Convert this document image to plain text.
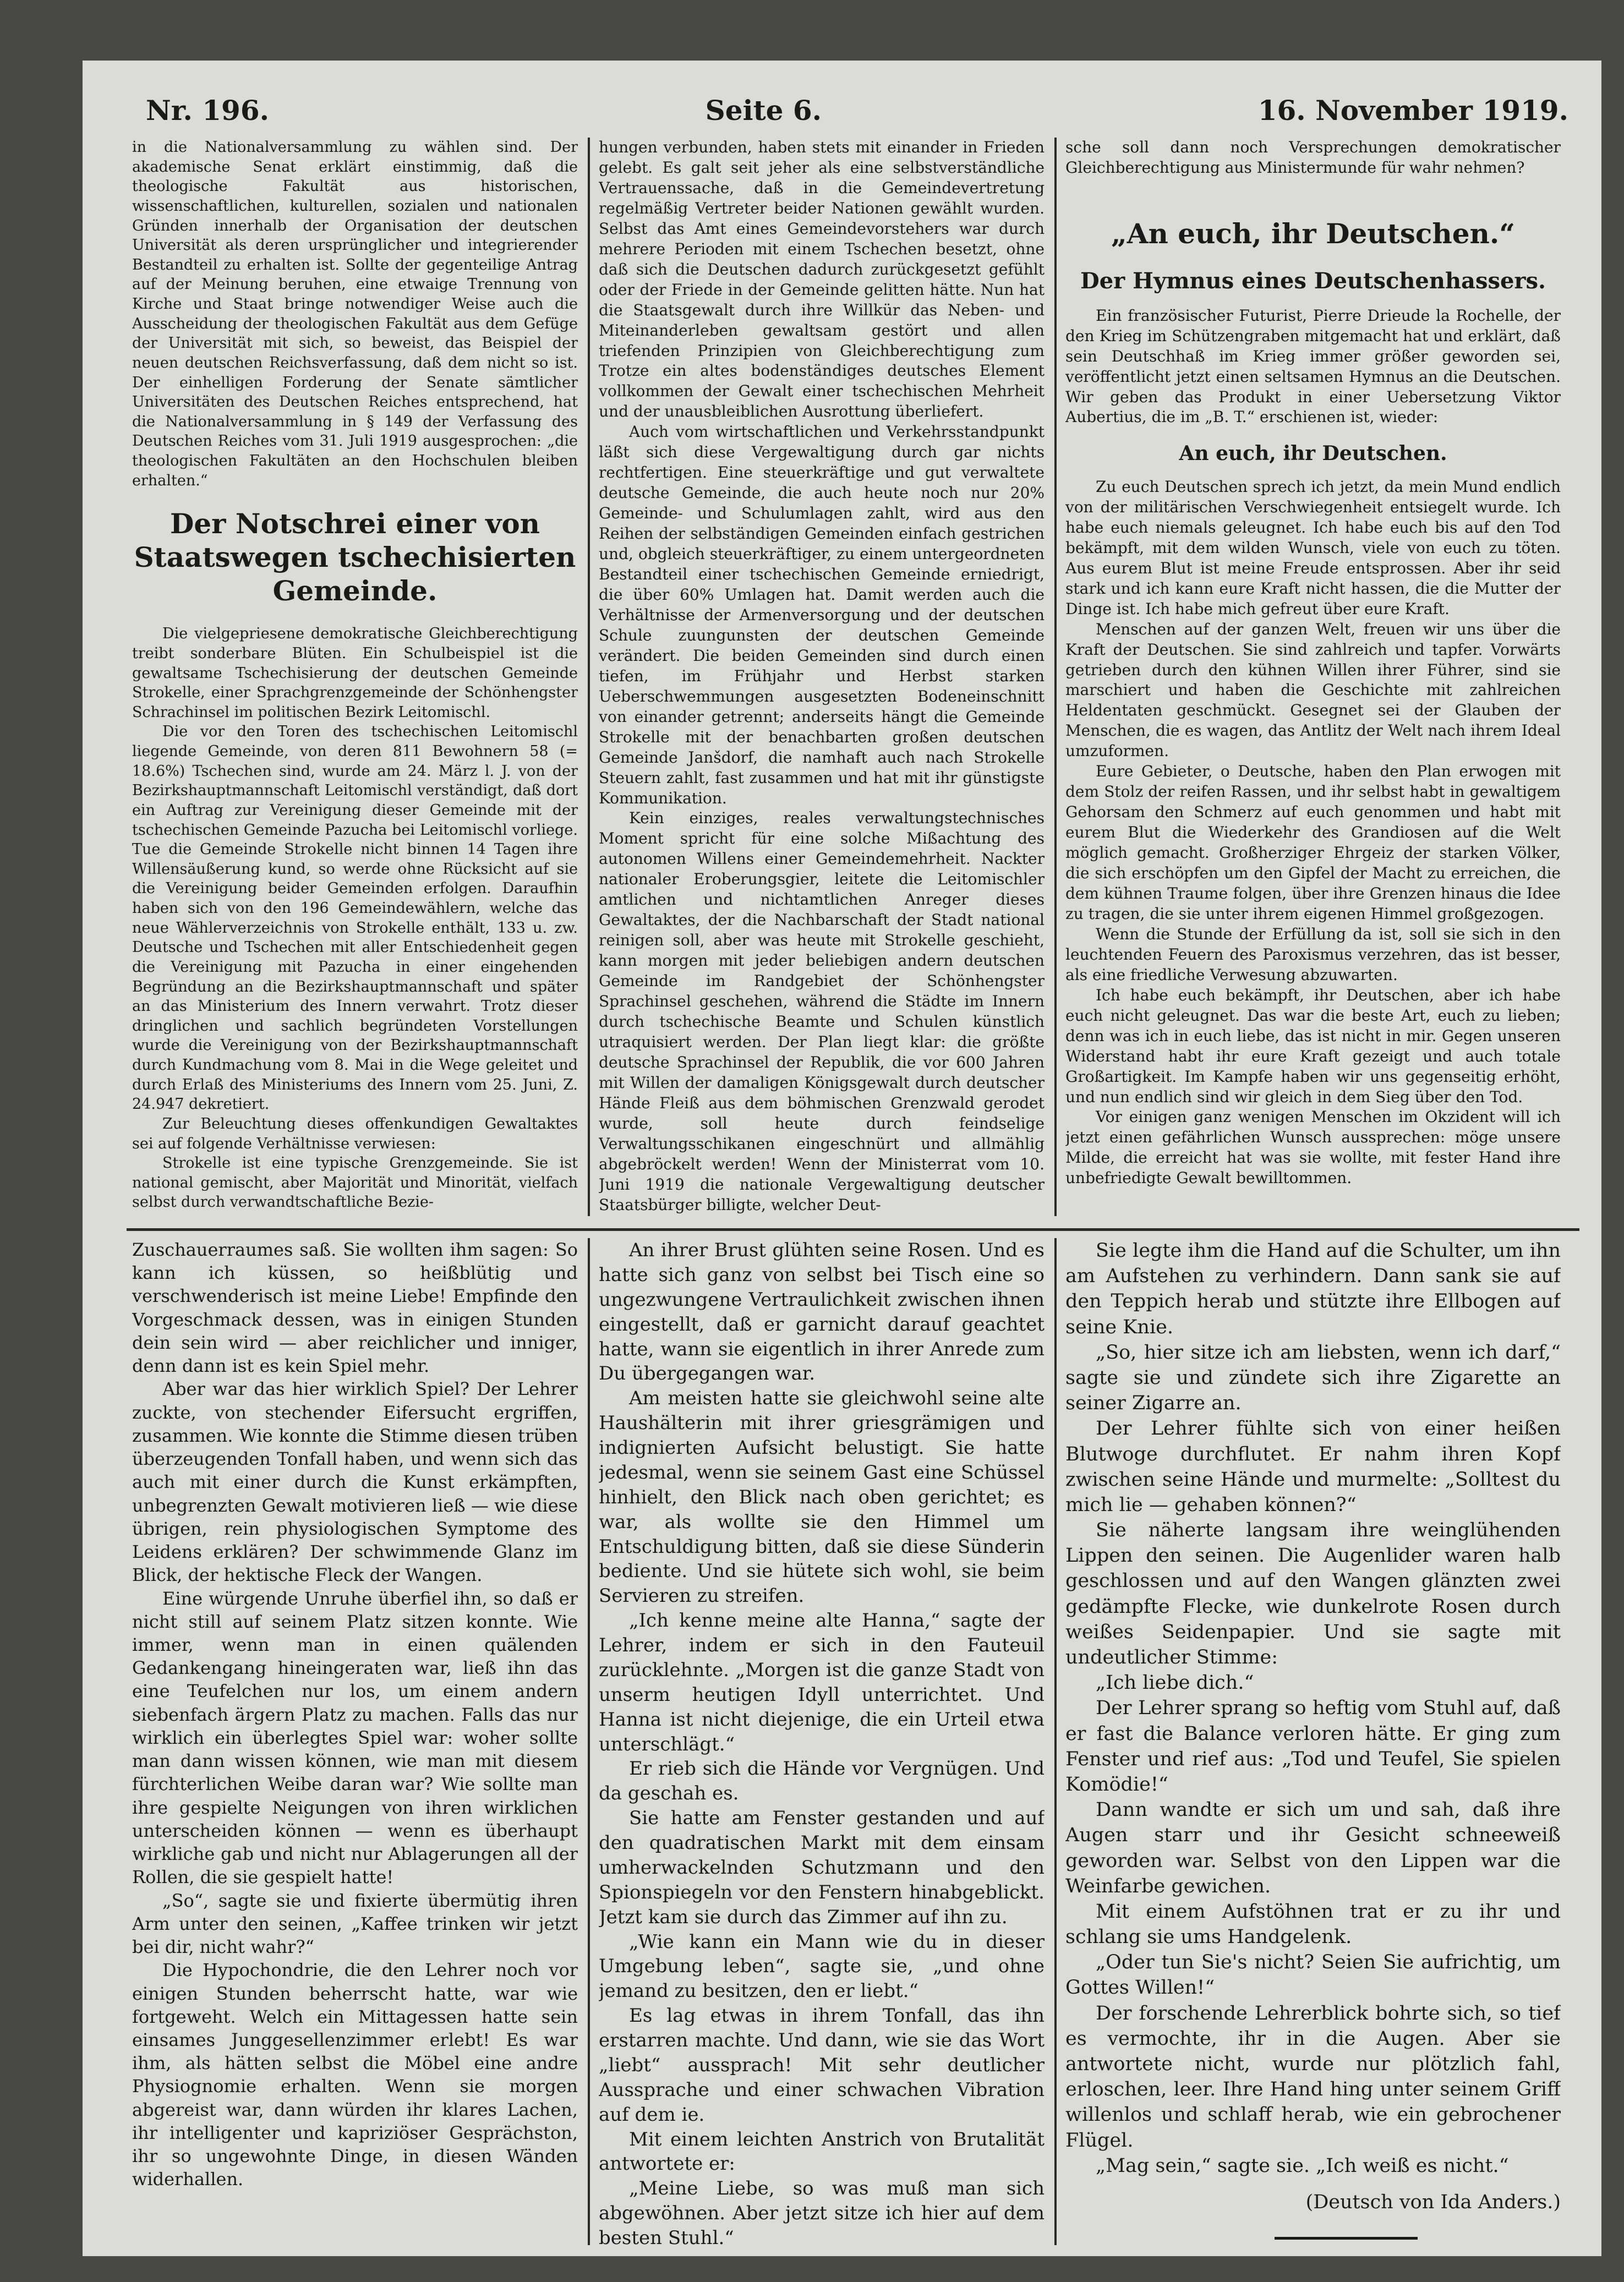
Nr. 196.	Seite 6.	16. November 1919.

in die Nationalversammlung zu wählen sind. Der akademische Senat erklärt einstimmig, daß die theologische Fakultät aus historischen, wissenschaftlichen, kulturellen, sozialen und nationalen Gründen innerhalb der Organisation der deutschen Universität als deren ursprünglicher und integrierender Bestandteil zu erhalten ist. Sollte der gegenteilige Antrag auf der Meinung beruhen, eine etwaige Trennung von Kirche und Staat bringe notwendiger Weise auch die Ausscheidung der theologischen Fakultät aus dem Gefüge der Universität mit sich, so beweist, das Beispiel der neuen deutschen Reichsverfassung, daß dem nicht so ist. Der einhelligen Forderung der Senate sämtlicher Universitäten des Deutschen Reiches entsprechend, hat die Nationalversammlung in § 149 der Verfassung des Deutschen Reiches vom 31. Juli 1919 ausgesprochen: „die theologischen Fakultäten an den Hochschulen bleiben erhalten.“

Der Notschrei einer von Staatswegen tschechisierten Gemeinde.

Die vielgepriesene demokratische Gleichberechtigung treibt sonderbare Blüten. Ein Schulbeispiel ist die gewaltsame Tschechisierung der deutschen Gemeinde Strokelle, einer Sprachgrenzgemeinde der Schönhengster Schrachinsel im politischen Bezirk Leitomischl.

Die vor den Toren des tschechischen Leitomischl liegende Gemeinde, von deren 811 Bewohnern 58 (= 18.6%) Tschechen sind, wurde am 24. März l. J. von der Bezirkshauptmannschaft Leitomischl verständigt, daß dort ein Auftrag zur Vereinigung dieser Gemeinde mit der tschechischen Gemeinde Pazucha bei Leitomischl vorliege. Tue die Gemeinde Strokelle nicht binnen 14 Tagen ihre Willensäußerung kund, so werde ohne Rücksicht auf sie die Vereinigung beider Gemeinden erfolgen. Daraufhin haben sich von den 196 Gemeindewählern, welche das neue Wählerverzeichnis von Strokelle enthält, 133 u. zw. Deutsche und Tschechen mit aller Entschiedenheit gegen die Vereinigung mit Pazucha in einer eingehenden Begründung an die Bezirkshauptmannschaft und später an das Ministerium des Innern verwahrt. Trotz dieser dringlichen und sachlich begründeten Vorstellungen wurde die Vereinigung von der Bezirkshauptmannschaft durch Kundmachung vom 8. Mai in die Wege geleitet und durch Erlaß des Ministeriums des Innern vom 25. Juni, Z. 24.947 dekretiert.

Zur Beleuchtung dieses offenkundigen Gewaltaktes sei auf folgende Verhältnisse verwiesen:

Strokelle ist eine typische Grenzgemeinde. Sie ist national gemischt, aber Majorität und Minorität, vielfach selbst durch verwandtschaftliche Bezie-

hungen verbunden, haben stets mit einander in Frieden gelebt. Es galt seit jeher als eine selbstverständliche Vertrauenssache, daß in die Gemeindevertretung regelmäßig Vertreter beider Nationen gewählt wurden. Selbst das Amt eines Gemeindevorstehers war durch mehrere Perioden mit einem Tschechen besetzt, ohne daß sich die Deutschen dadurch zurückgesetzt gefühlt oder der Friede in der Gemeinde gelitten hätte. Nun hat die Staatsgewalt durch ihre Willkür das Neben- und Miteinanderleben gewaltsam gestört und allen triefenden Prinzipien von Gleichberechtigung zum Trotze ein altes bodenständiges deutsches Element vollkommen der Gewalt einer tschechischen Mehrheit und der unausbleiblichen Ausrottung überliefert.

Auch vom wirtschaftlichen und Verkehrsstandpunkt läßt sich diese Vergewaltigung durch gar nichts rechtfertigen. Eine steuerkräftige und gut verwaltete deutsche Gemeinde, die auch heute noch nur 20% Gemeinde- und Schulumlagen zahlt, wird aus den Reihen der selbständigen Gemeinden einfach gestrichen und, obgleich steuerkräftiger, zu einem untergeordneten Bestandteil einer tschechischen Gemeinde erniedrigt, die über 60% Umlagen hat. Damit werden auch die Verhältnisse der Armenversorgung und der deutschen Schule zuungunsten der deutschen Gemeinde verändert. Die beiden Gemeinden sind durch einen tiefen, im Frühjahr und Herbst starken Ueberschwemmungen ausgesetzten Bodeneinschnitt von einander getrennt; anderseits hängt die Gemeinde Strokelle mit der benachbarten großen deutschen Gemeinde Janšdorf, die namhaft auch nach Strokelle Steuern zahlt, fast zusammen und hat mit ihr günstigste Kommunikation.

Kein einziges, reales verwaltungstechnisches Moment spricht für eine solche Mißachtung des autonomen Willens einer Gemeindemehrheit. Nackter nationaler Eroberungsgier, leitete die Leitomischler amtlichen und nichtamtlichen Anreger dieses Gewaltaktes, der die Nachbarschaft der Stadt national reinigen soll, aber was heute mit Strokelle geschieht, kann morgen mit jeder beliebigen andern deutschen Gemeinde im Randgebiet der Schönhengster Sprachinsel geschehen, während die Städte im Innern durch tschechische Beamte und Schulen künstlich utraquisiert werden. Der Plan liegt klar: die größte deutsche Sprachinsel der Republik, die vor 600 Jahren mit Willen der damaligen Königsgewalt durch deutscher Hände Fleiß aus dem böhmischen Grenzwald gerodet wurde, soll heute durch feindselige Verwaltungsschikanen eingeschnürt und allmählig abgebröckelt werden! Wenn der Ministerrat vom 10. Juni 1919 die nationale Vergewaltigung deutscher Staatsbürger billigte, welcher Deut-

sche soll dann noch Versprechungen demokratischer Gleichberechtigung aus Ministermunde für wahr nehmen?

„An euch, ihr Deutschen.“
Der Hymnus eines Deutschenhassers.

Ein französischer Futurist, Pierre Drieude la Rochelle, der den Krieg im Schützengraben mitgemacht hat und erklärt, daß sein Deutschhaß im Krieg immer größer geworden sei, veröffentlicht jetzt einen seltsamen Hymnus an die Deutschen. Wir geben das Produkt in einer Uebersetzung Viktor Aubertius, die im „B. T.“ erschienen ist, wieder:

An euch, ihr Deutschen.

Zu euch Deutschen sprech ich jetzt, da mein Mund endlich von der militärischen Verschwiegenheit entsiegelt wurde. Ich habe euch niemals geleugnet. Ich habe euch bis auf den Tod bekämpft, mit dem wilden Wunsch, viele von euch zu töten. Aus eurem Blut ist meine Freude entsprossen. Aber ihr seid stark und ich kann eure Kraft nicht hassen, die die Mutter der Dinge ist. Ich habe mich gefreut über eure Kraft.

Menschen auf der ganzen Welt, freuen wir uns über die Kraft der Deutschen. Sie sind zahlreich und tapfer. Vorwärts getrieben durch den kühnen Willen ihrer Führer, sind sie marschiert und haben die Geschichte mit zahlreichen Heldentaten geschmückt. Gesegnet sei der Glauben der Menschen, die es wagen, das Antlitz der Welt nach ihrem Ideal umzuformen.

Eure Gebieter, o Deutsche, haben den Plan erwogen mit dem Stolz der reifen Rassen, und ihr selbst habt in gewaltigem Gehorsam den Schmerz auf euch genommen und habt mit eurem Blut die Wiederkehr des Grandiosen auf die Welt möglich gemacht. Großherziger Ehrgeiz der starken Völker, die sich erschöpfen um den Gipfel der Macht zu erreichen, die dem kühnen Traume folgen, über ihre Grenzen hinaus die Idee zu tragen, die sie unter ihrem eigenen Himmel großgezogen.

Wenn die Stunde der Erfüllung da ist, soll sie sich in den leuchtenden Feuern des Paroxismus verzehren, das ist besser, als eine friedliche Verwesung abzuwarten.

Ich habe euch bekämpft, ihr Deutschen, aber ich habe euch nicht geleugnet. Das war die beste Art, euch zu lieben; denn was ich in euch liebe, das ist nicht in mir. Gegen unseren Widerstand habt ihr eure Kraft gezeigt und auch totale Großartigkeit. Im Kampfe haben wir uns gegenseitig erhöht, und nun endlich sind wir gleich in dem Sieg über den Tod.

Vor einigen ganz wenigen Menschen im Okzident will ich jetzt einen gefährlichen Wunsch aussprechen: möge unsere Milde, die erreicht hat was sie wollte, mit fester Hand ihre unbefriedigte Gewalt bewilltommen.

Zuschauerraumes saß. Sie wollten ihm sagen: So kann ich küssen, so heißblütig und verschwenderisch ist meine Liebe! Empfinde den Vorgeschmack dessen, was in einigen Stunden dein sein wird — aber reichlicher und inniger, denn dann ist es kein Spiel mehr.

Aber war das hier wirklich Spiel? Der Lehrer zuckte, von stechender Eifersucht ergriffen, zusammen. Wie konnte die Stimme diesen trüben überzeugenden Tonfall haben, und wenn sich das auch mit einer durch die Kunst erkämpften, unbegrenzten Gewalt motivieren ließ — wie diese übrigen, rein physiologischen Symptome des Leidens erklären? Der schwimmende Glanz im Blick, der hektische Fleck der Wangen.

Eine würgende Unruhe überfiel ihn, so daß er nicht still auf seinem Platz sitzen konnte. Wie immer, wenn man in einen quälenden Gedankengang hineingeraten war, ließ ihn das eine Teufelchen nur los, um einem andern siebenfach ärgern Platz zu machen. Falls das nur wirklich ein überlegtes Spiel war: woher sollte man dann wissen können, wie man mit diesem fürchterlichen Weibe daran war? Wie sollte man ihre gespielte Neigungen von ihren wirklichen unterscheiden können — wenn es überhaupt wirkliche gab und nicht nur Ablagerungen all der Rollen, die sie gespielt hatte!

„So“, sagte sie und fixierte übermütig ihren Arm unter den seinen, „Kaffee trinken wir jetzt bei dir, nicht wahr?“

Die Hypochondrie, die den Lehrer noch vor einigen Stunden beherrscht hatte, war wie fortgeweht. Welch ein Mittagessen hatte sein einsames Junggesellenzimmer erlebt! Es war ihm, als hätten selbst die Möbel eine andre Physiognomie erhalten. Wenn sie morgen abgereist war, dann würden ihr klares Lachen, ihr intelligenter und kapriziöser Gesprächston, ihr so ungewohnte Dinge, in diesen Wänden widerhallen.

An ihrer Brust glühten seine Rosen. Und es hatte sich ganz von selbst bei Tisch eine so ungezwungene Vertraulichkeit zwischen ihnen eingestellt, daß er garnicht darauf geachtet hatte, wann sie eigentlich in ihrer Anrede zum Du übergegangen war.

Am meisten hatte sie gleichwohl seine alte Haushälterin mit ihrer griesgrämigen und indignierten Aufsicht belustigt. Sie hatte jedesmal, wenn sie seinem Gast eine Schüssel hinhielt, den Blick nach oben gerichtet; es war, als wollte sie den Himmel um Entschuldigung bitten, daß sie diese Sünderin bediente. Und sie hütete sich wohl, sie beim Servieren zu streifen.

„Ich kenne meine alte Hanna,“ sagte der Lehrer, indem er sich in den Fauteuil zurücklehnte. „Morgen ist die ganze Stadt von unserm heutigen Idyll unterrichtet. Und Hanna ist nicht diejenige, die ein Urteil etwa unterschlägt.“

Er rieb sich die Hände vor Vergnügen. Und da geschah es.

Sie hatte am Fenster gestanden und auf den quadratischen Markt mit dem einsam umherwackelnden Schutzmann und den Spionspiegeln vor den Fenstern hinabgeblickt. Jetzt kam sie durch das Zimmer auf ihn zu.

„Wie kann ein Mann wie du in dieser Umgebung leben“, sagte sie, „und ohne jemand zu besitzen, den er liebt.“

Es lag etwas in ihrem Tonfall, das ihn erstarren machte. Und dann, wie sie das Wort „liebt“ aussprach! Mit sehr deutlicher Aussprache und einer schwachen Vibration auf dem ie.

Mit einem leichten Anstrich von Brutalität antwortete er:

„Meine Liebe, so was muß man sich abgewöhnen. Aber jetzt sitze ich hier auf dem besten Stuhl.“

Sie legte ihm die Hand auf die Schulter, um ihn am Aufstehen zu verhindern. Dann sank sie auf den Teppich herab und stützte ihre Ellbogen auf seine Knie.

„So, hier sitze ich am liebsten, wenn ich darf,“ sagte sie und zündete sich ihre Zigarette an seiner Zigarre an.

Der Lehrer fühlte sich von einer heißen Blutwoge durchflutet. Er nahm ihren Kopf zwischen seine Hände und murmelte: „Solltest du mich lie — gehaben können?“

Sie näherte langsam ihre weinglühenden Lippen den seinen. Die Augenlider waren halb geschlossen und auf den Wangen glänzten zwei gedämpfte Flecke, wie dunkelrote Rosen durch weißes Seidenpapier. Und sie sagte mit undeutlicher Stimme:

„Ich liebe dich.“

Der Lehrer sprang so heftig vom Stuhl auf, daß er fast die Balance verloren hätte. Er ging zum Fenster und rief aus: „Tod und Teufel, Sie spielen Komödie!“

Dann wandte er sich um und sah, daß ihre Augen starr und ihr Gesicht schneeweiß geworden war. Selbst von den Lippen war die Weinfarbe gewichen.

Mit einem Aufstöhnen trat er zu ihr und schlang sie ums Handgelenk.

„Oder tun Sie's nicht? Seien Sie aufrichtig, um Gottes Willen!“

Der forschende Lehrerblick bohrte sich, so tief es vermochte, ihr in die Augen. Aber sie antwortete nicht, wurde nur plötzlich fahl, erloschen, leer. Ihre Hand hing unter seinem Griff willenlos und schlaff herab, wie ein gebrochener Flügel.

„Mag sein,“ sagte sie. „Ich weiß es nicht.“

(Deutsch von Ida Anders.)
